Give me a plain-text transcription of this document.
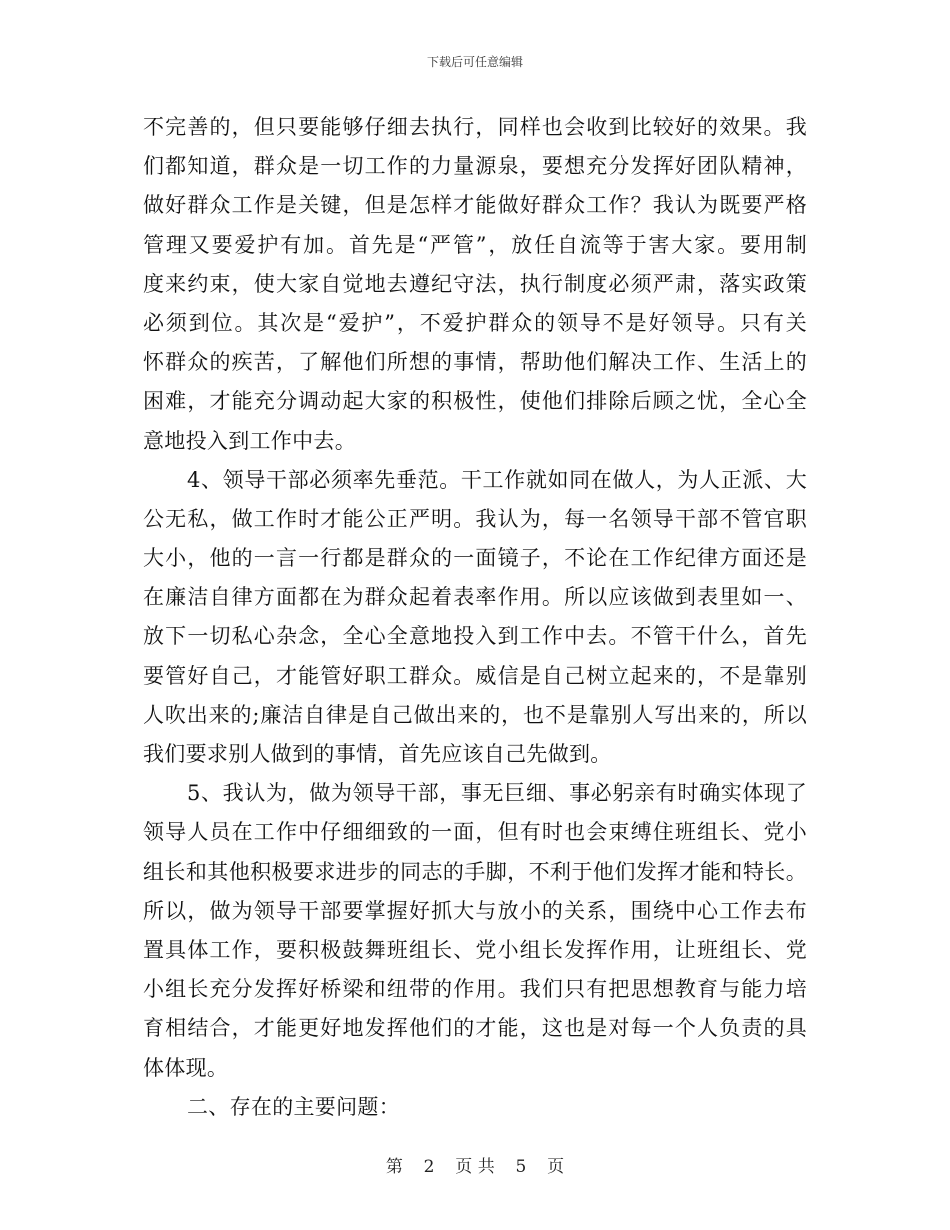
下载后可任意编辑
不完善的，但只要能够仔细去执行，同样也会收到比较好的效果。我
们都知道，群众是一切工作的力量源泉，要想充分发挥好团队精神，
做好群众工作是关键，但是怎样才能做好群众工作？我认为既要严格
管理又要爱护有加。首先是“严管”，放任自流等于害大家。要用制
度来约束，使大家自觉地去遵纪守法，执行制度必须严肃，落实政策
必须到位。其次是“爱护”，不爱护群众的领导不是好领导。只有关
怀群众的疾苦，了解他们所想的事情，帮助他们解决工作、生活上的
困难，才能充分调动起大家的积极性，使他们排除后顾之忧，全心全
意地投入到工作中去。
4、领导干部必须率先垂范。干工作就如同在做人，为人正派、大
公无私，做工作时才能公正严明。我认为，每一名领导干部不管官职
大小，他的一言一行都是群众的一面镜子，不论在工作纪律方面还是
在廉洁自律方面都在为群众起着表率作用。所以应该做到表里如一、
放下一切私心杂念，全心全意地投入到工作中去。不管干什么，首先
要管好自己，才能管好职工群众。威信是自己树立起来的，不是靠别
人吹出来的;廉洁自律是自己做出来的，也不是靠别人写出来的，所以
我们要求别人做到的事情，首先应该自己先做到。
5、我认为，做为领导干部，事无巨细、事必躬亲有时确实体现了
领导人员在工作中仔细细致的一面，但有时也会束缚住班组长、党小
组长和其他积极要求进步的同志的手脚，不利于他们发挥才能和特长。
所以，做为领导干部要掌握好抓大与放小的关系，围绕中心工作去布
置具体工作，要积极鼓舞班组长、党小组长发挥作用，让班组长、党
小组长充分发挥好桥梁和纽带的作用。我们只有把思想教育与能力培
育相结合，才能更好地发挥他们的才能，这也是对每一个人负责的具
体体现。
二、存在的主要问题：
第 2 页 共 5 页
